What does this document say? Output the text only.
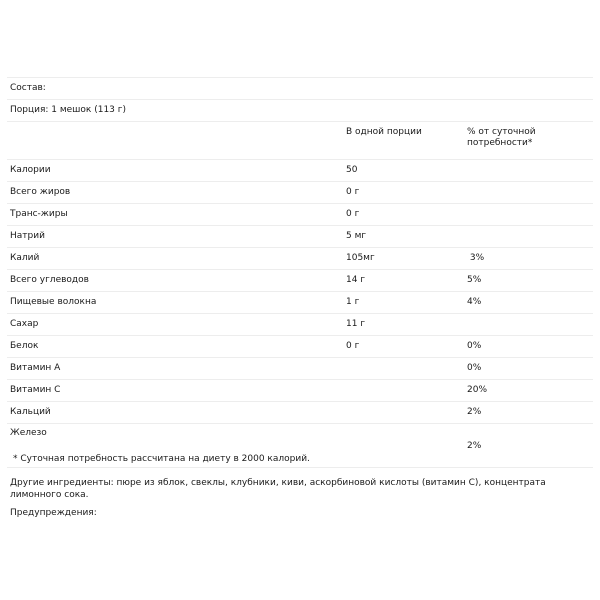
Состав:		
Порция: 1 мешок (113 г)		
	В одной порции	% от суточной
потребности*
Калории	50	
Всего жиров	0 г	
Транс-жиры	0 г	
Натрий	5 мг	
Калий	105мг	3%
Всего углеводов	14 г	5%
Пищевые волокна	1 г	4%
Сахар	11 г	
Белок	0 г	0%
Витамин А		0%
Витамин С		20%
Кальций		2%
Железо		2%
* Суточная потребность рассчитана на диету в 2000 калорий.		
Другие ингредиенты: пюре из яблок, свеклы, клубники, киви, аскорбиновой кислоты (витамин С), концентрата лимонного сока.
Предупреждения:
